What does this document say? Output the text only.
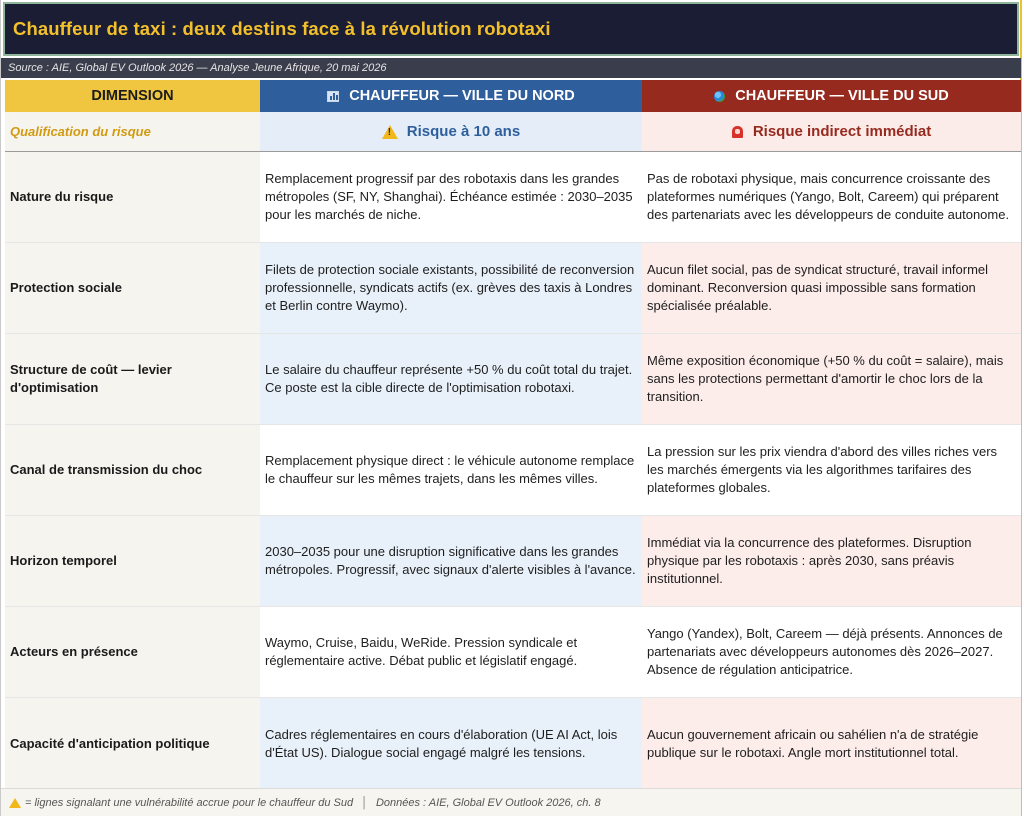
Chauffeur de taxi : deux destins face à la révolution robotaxi
Source : AIE, Global EV Outlook 2026 — Analyse Jeune Afrique, 20 mai 2026
DIMENSION	CHAUFFEUR — VILLE DU NORD	CHAUFFEUR — VILLE DU SUD
Qualification du risque
!	Risque à 10 ans	Risque indirect immédiat
Nature du risque
Remplacement progressif par des robotaxis dans les grandes métropoles (SF, NY, Shanghai). Échéance estimée : 2030–2035 pour les marchés de niche.
Pas de robotaxi physique, mais concurrence croissante des plateformes numériques (Yango, Bolt, Careem) qui préparent des partenariats avec les développeurs de conduite autonome.
Protection sociale
Filets de protection sociale existants, possibilité de reconversion professionnelle, syndicats actifs (ex. grèves des taxis à Londres et Berlin contre Waymo).
Aucun filet social, pas de syndicat structuré, travail informel dominant. Reconversion quasi impossible sans formation spécialisée préalable.
Structure de coût — levier d'optimisation
Le salaire du chauffeur représente +50 % du coût total du trajet. Ce poste est la cible directe de l'optimisation robotaxi.
Même exposition économique (+50 % du coût = salaire), mais sans les protections permettant d'amortir le choc lors de la transition.
Canal de transmission du choc
Remplacement physique direct : le véhicule autonome remplace le chauffeur sur les mêmes trajets, dans les mêmes villes.
La pression sur les prix viendra d'abord des villes riches vers les marchés émergents via les algorithmes tarifaires des plateformes globales.
Horizon temporel
2030–2035 pour une disruption significative dans les grandes métropoles. Progressif, avec signaux d'alerte visibles à l'avance.
Immédiat via la concurrence des plateformes. Disruption physique par les robotaxis : après 2030, sans préavis institutionnel.
Acteurs en présence
Waymo, Cruise, Baidu, WeRide. Pression syndicale et réglementaire active. Débat public et législatif engagé.
Yango (Yandex), Bolt, Careem — déjà présents. Annonces de partenariats avec développeurs autonomes dès 2026–2027. Absence de régulation anticipatrice.
Capacité d'anticipation politique
Cadres réglementaires en cours d'élaboration (UE AI Act, lois d'État US). Dialogue social engagé malgré les tensions.
Aucun gouvernement africain ou sahélien n'a de stratégie publique sur le robotaxi. Angle mort institutionnel total.
= lignes signalant une vulnérabilité accrue pour le chauffeur du Sud │ Données : AIE, Global EV Outlook 2026, ch. 8
